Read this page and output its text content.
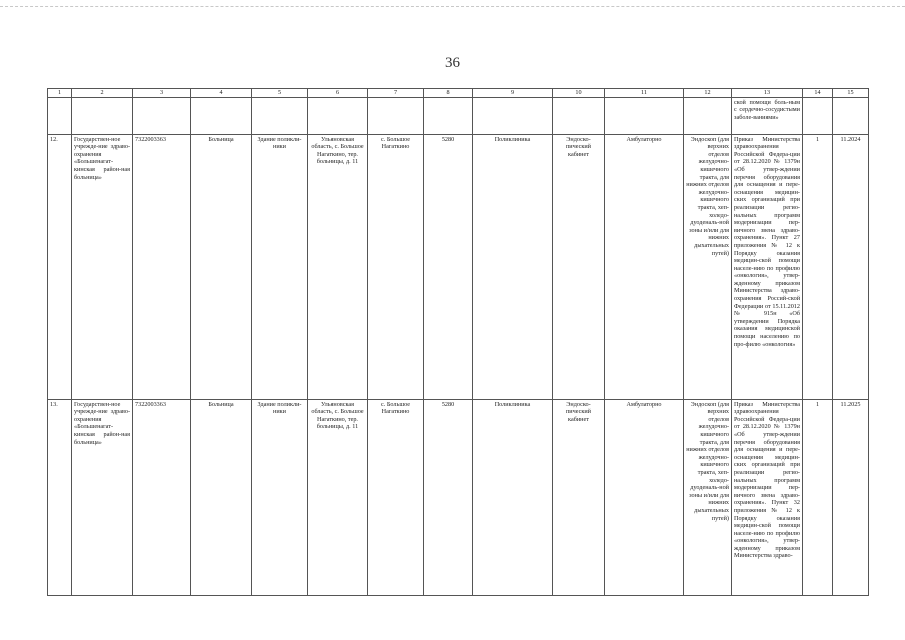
36
1	2	3	4	5	6	7	8	9	10	11	12	13	14	15
												ской помощи боль-ным с сердечно-сосудистыми заболе-ваниями»		
12.	Государствен-ное учрежде-ние здраво-охранения «Большенагат-кинская район-ная больница»	7322003363	Больница	Здание поликли-ники	Ульяновская область, с. Большое Нагаткино, тер. больницы, д. 11	с. Большое Нагаткино	5280	Поликлиника	Эндоско-пический кабинет	Амбулаторно	Эндоскоп (для верхних отделов желудочно-кишечного тракта, для нижних отделов желудочно-кишечного тракта, хеп-холедо-дуоденаль-ной зоны и/или для нижних дыхательных путей)	Приказ Министерства здравоохранения Российской Федера-ции от 28.12.2020 № 1379н «Об утвер-ждении перечня оборудования для оснащения и пере-оснащения медицин-ских организаций при реализации регио-нальных программ модернизации пер-вичного звена здраво-охранения». Пункт 27 приложения № 12 к Порядку оказания медицин-ской помощи населе-нию по профилю «онкология», утвер-жденному приказом Министерства здраво-охранения Россий-ской Федерации от 15.11.2012 № 915н «Об утверждении Порядка оказания медицинской помощи населению по про-филю «онкология»	1	11.2024
13.	Государствен-ное учрежде-ние здраво-охранения «Большенагат-кинская район-ная больница»	7322003363	Больница	Здание поликли-ники	Ульяновская область, с. Большое Нагаткино, тер. больницы, д. 11	с. Большое Нагаткино	5280	Поликлиника	Эндоско-пический кабинет	Амбулаторно	Эндоскоп (для верхних отделов желудочно-кишечного тракта, для нижних отделов желудочно-кишечного тракта, хеп-холедо-дуоденаль-ной зоны и/или для нижних дыхательных путей)	Приказ Министерства здравоохранения Российской Федера-ции от 28.12.2020 № 1379н «Об утвер-ждении перечня оборудования для оснащения и пере-оснащения медицин-ских организаций при реализации регио-нальных программ модернизации пер-вичного звена здраво-охранения». Пункт 32 приложения № 12 к Порядку оказания медицин-ской помощи населе-нию по профилю «онкология», утвер-жденному приказом Министерства здраво-	1	11.2025
